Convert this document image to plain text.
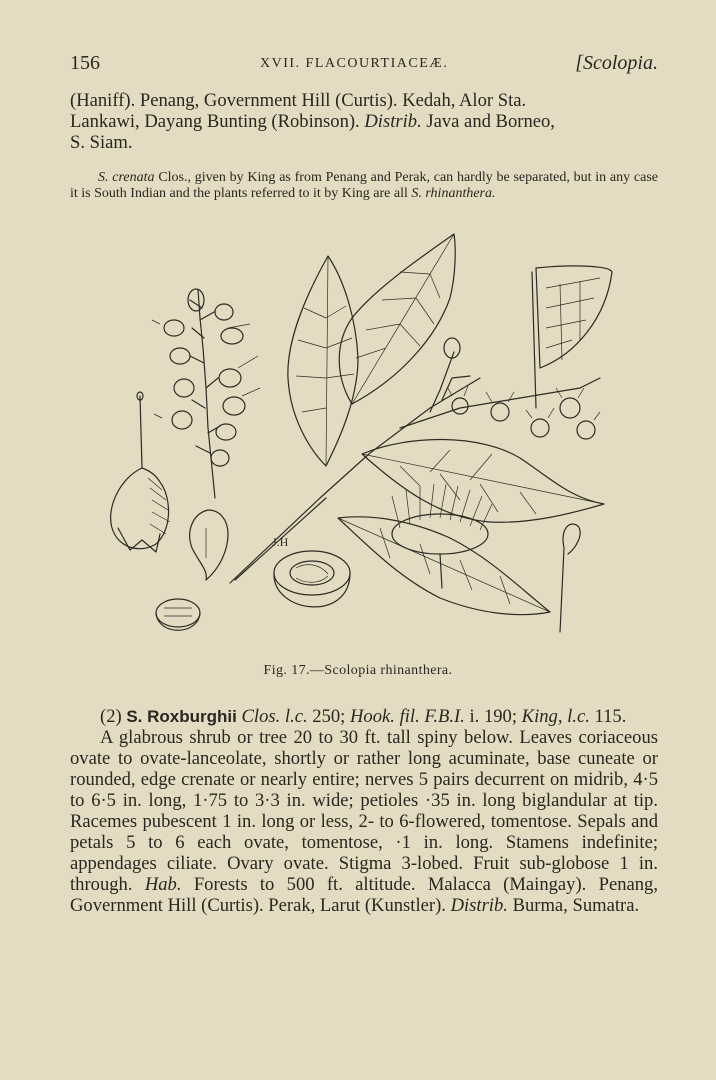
156	XVII. FLACOURTIACEÆ.	[Scolopia.

(Haniff). Penang, Government Hill (Curtis). Kedah, Alor Sta.

Lankawi, Dayang Bunting (Robinson). Distrib. Java and Borneo,

S. Siam.

S. crenata Clos., given by King as from Penang and Perak, can hardly be separated, but in any case it is South Indian and the plants referred to it by King are all S. rhinanthera.

J.H
Fig. 17.—Scolopia rhinanthera.

(2) S. Roxburghii Clos. l.c. 250; Hook. fil. F.B.I. i. 190; King, l.c. 115.

A glabrous shrub or tree 20 to 30 ft. tall spiny below. Leaves coriaceous ovate to ovate-lanceolate, shortly or rather long acuminate, base cuneate or rounded, edge crenate or nearly entire; nerves 5 pairs decurrent on midrib, 4·5 to 6·5 in. long, 1·75 to 3·3 in. wide; petioles ·35 in. long biglandular at tip. Racemes pubescent 1 in. long or less, 2- to 6-flowered, tomentose. Sepals and petals 5 to 6 each ovate, tomentose, ·1 in. long. Stamens indefinite; appendages ciliate. Ovary ovate. Stigma 3-lobed. Fruit sub-globose 1 in. through. Hab. Forests to 500 ft. altitude. Malacca (Maingay). Penang, Government Hill (Curtis). Perak, Larut (Kunstler). Distrib. Burma, Sumatra.
